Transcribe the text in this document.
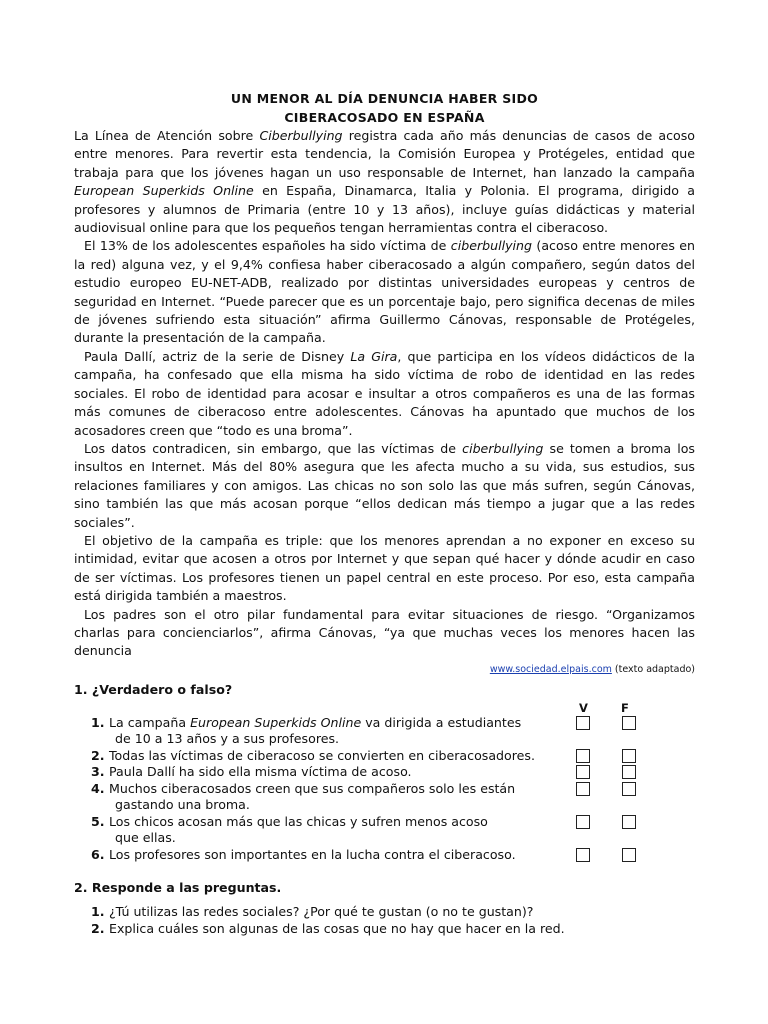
UN MENOR AL DÍA DENUNCIA HABER SIDO
CIBERACOSADO EN ESPAÑA

La Línea de Atención sobre Ciberbullying registra cada año más denuncias de casos de acoso entre menores. Para revertir esta tendencia, la Comisión Europea y Protégeles, entidad que trabaja para que los jóvenes hagan un uso responsable de Internet, han lanzado la campaña European Superkids Online en España, Dinamarca, Italia y Polonia. El programa, dirigido a profesores y alumnos de Primaria (entre 10 y 13 años), incluye guías didácticas y material audiovisual online para que los pequeños tengan herramientas contra el ciberacoso.

El 13% de los adolescentes españoles ha sido víctima de ciberbullying (acoso entre menores en la red) alguna vez, y el 9,4% confiesa haber ciberacosado a algún compañero, según datos del estudio europeo EU-NET-ADB, realizado por distintas universidades europeas y centros de seguridad en Internet. “Puede parecer que es un porcentaje bajo, pero significa decenas de miles de jóvenes sufriendo esta situación” afirma Guillermo Cánovas, responsable de Protégeles, durante la presentación de la campaña.

Paula Dallí, actriz de la serie de Disney La Gira, que participa en los vídeos didácticos de la campaña, ha confesado que ella misma ha sido víctima de robo de identidad en las redes sociales. El robo de identidad para acosar e insultar a otros compañeros es una de las formas más comunes de ciberacoso entre adolescentes. Cánovas ha apuntado que muchos de los acosadores creen que “todo es una broma”.

Los datos contradicen, sin embargo, que las víctimas de ciberbullying se tomen a broma los insultos en Internet. Más del 80% asegura que les afecta mucho a su vida, sus estudios, sus relaciones familiares y con amigos. Las chicas no son solo las que más sufren, según Cánovas, sino también las que más acosan porque “ellos dedican más tiempo a jugar que a las redes sociales”.

El objetivo de la campaña es triple: que los menores aprendan a no exponer en exceso su intimidad, evitar que acosen a otros por Internet y que sepan qué hacer y dónde acudir en caso de ser víctimas. Los profesores tienen un papel central en este proceso. Por eso, esta campaña está dirigida también a maestros.

Los padres son el otro pilar fundamental para evitar situaciones de riesgo. “Organizamos charlas para concienciarlos”, afirma Cánovas, “ya que muchas veces los menores hacen las denuncia

www.sociedad.elpais.com (texto adaptado)
1. ¿Verdadero o falso?
V	F
1. La campaña European Superkids Online va dirigida a estudiantes
de 10 a 13 años y a sus profesores.
2. Todas las víctimas de ciberacoso se convierten en ciberacosadores.
3. Paula Dallí ha sido ella misma víctima de acoso.
4. Muchos ciberacosados creen que sus compañeros solo les están
gastando una broma.
5. Los chicos acosan más que las chicas y sufren menos acoso
que ellas.
6. Los profesores son importantes en la lucha contra el ciberacoso.
2. Responde a las preguntas.
1. ¿Tú utilizas las redes sociales? ¿Por qué te gustan (o no te gustan)?
2. Explica cuáles son algunas de las cosas que no hay que hacer en la red.
